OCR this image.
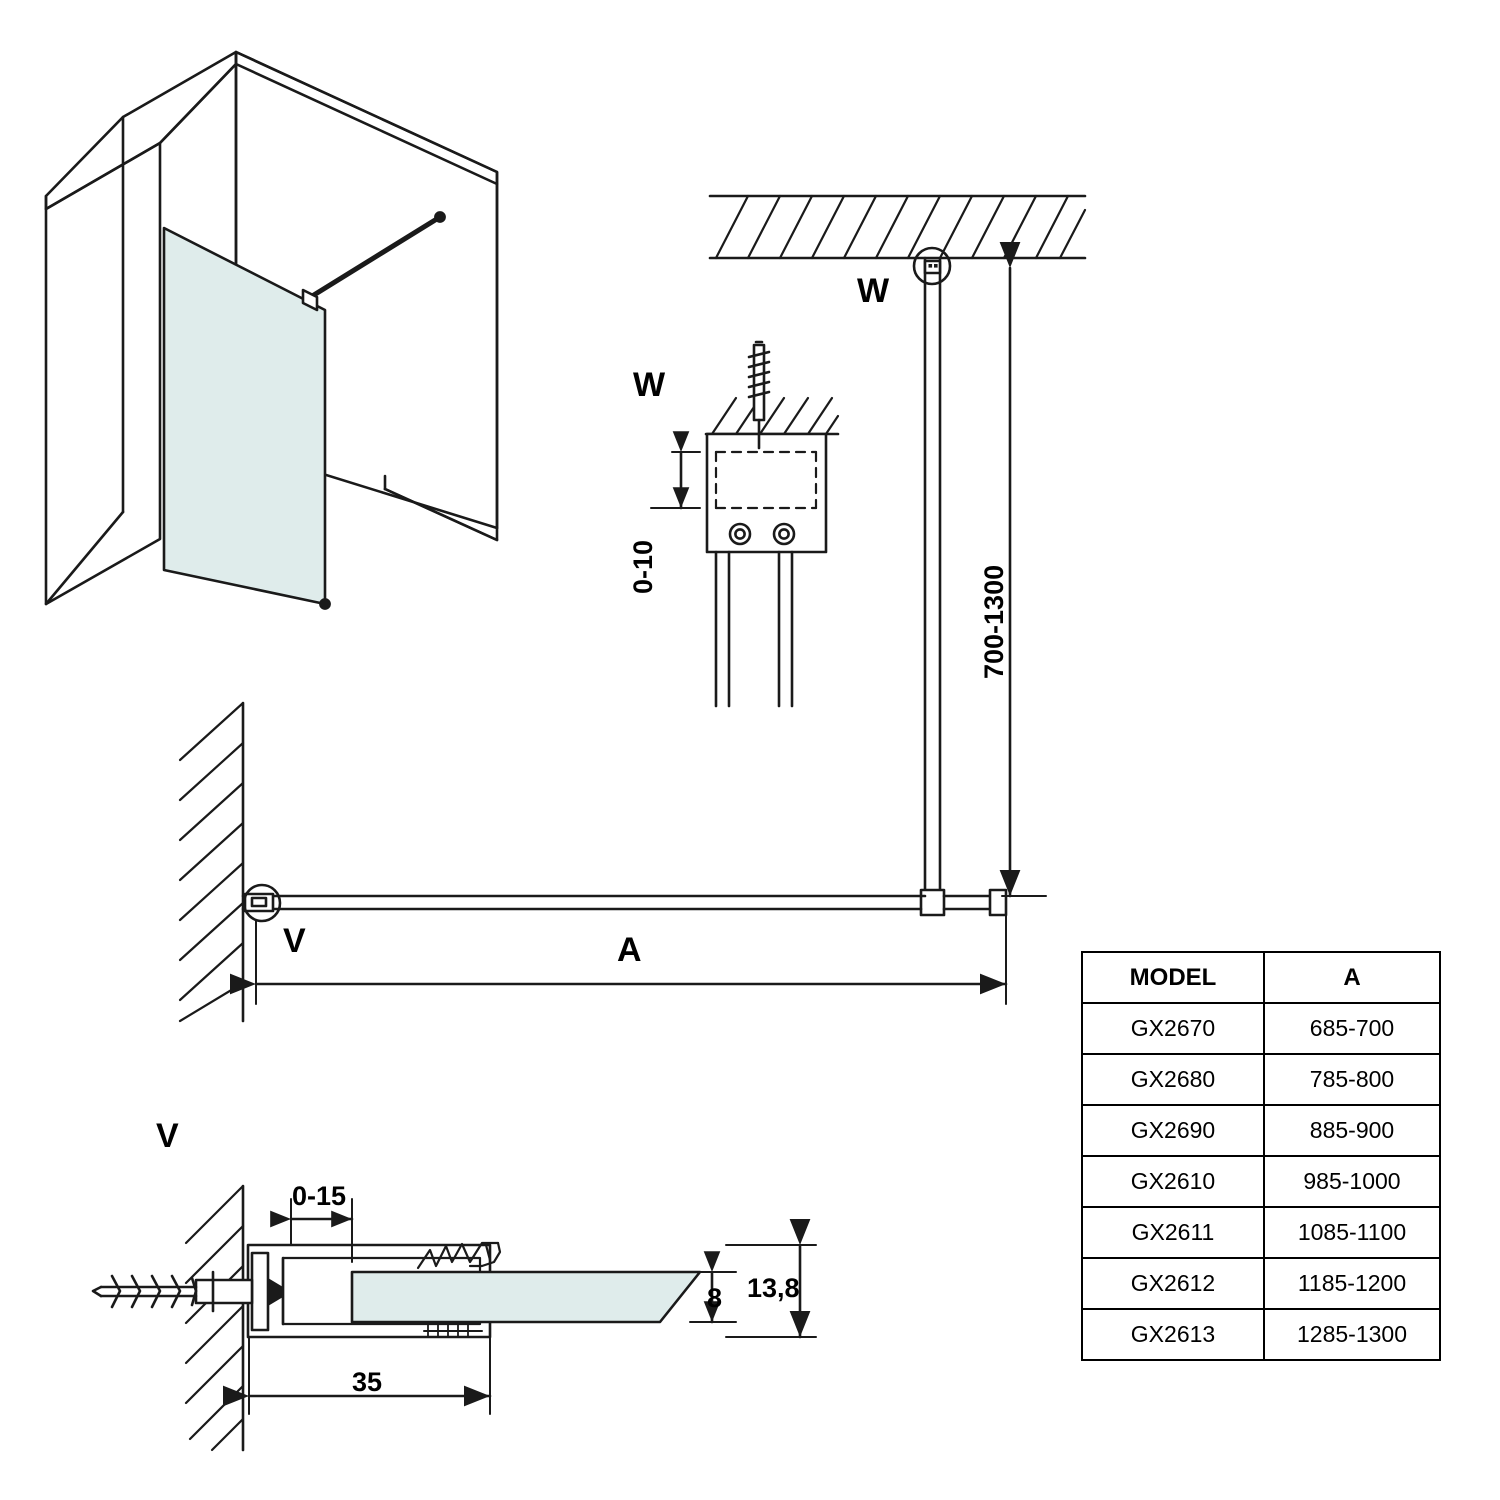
W
W
0-10	700-1300
V	A
V
0-15
35
8 13,8
MODEL	A
GX2670	685-700
GX2680	785-800
GX2690	885-900
GX2610	985-1000
GX2611	1085-1100
GX2612	1185-1200
GX2613	1285-1300
